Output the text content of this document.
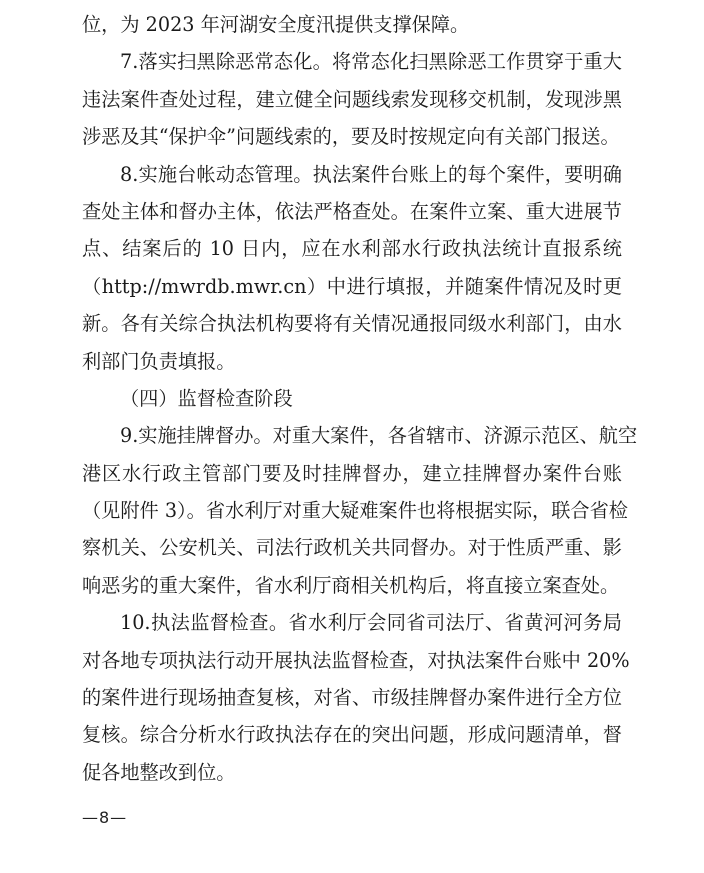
位，为 2023 年河湖安全度汛提供支撑保障。
7.落实扫黑除恶常态化。将常态化扫黑除恶工作贯穿于重大
违法案件查处过程，建立健全问题线索发现移交机制，发现涉黑
涉恶及其“保护伞”问题线索的，要及时按规定向有关部门报送。
8.实施台帐动态管理。执法案件台账上的每个案件，要明确
查处主体和督办主体，依法严格查处。在案件立案、重大进展节
点、结案后的 10 日内，应在水利部水行政执法统计直报系统
（http://mwrdb.mwr.cn）中进行填报，并随案件情况及时更
新。各有关综合执法机构要将有关情况通报同级水利部门，由水
利部门负责填报。
（四）监督检查阶段
9.实施挂牌督办。对重大案件，各省辖市、济源示范区、航空
港区水行政主管部门要及时挂牌督办，建立挂牌督办案件台账
（见附件 3）。省水利厅对重大疑难案件也将根据实际，联合省检
察机关、公安机关、司法行政机关共同督办。对于性质严重、影
响恶劣的重大案件，省水利厅商相关机构后，将直接立案查处。
10.执法监督检查。省水利厅会同省司法厅、省黄河河务局
对各地专项执法行动开展执法监督检查，对执法案件台账中 20%
的案件进行现场抽查复核，对省、市级挂牌督办案件进行全方位
复核。综合分析水行政执法存在的突出问题，形成问题清单，督
促各地整改到位。
—8—
